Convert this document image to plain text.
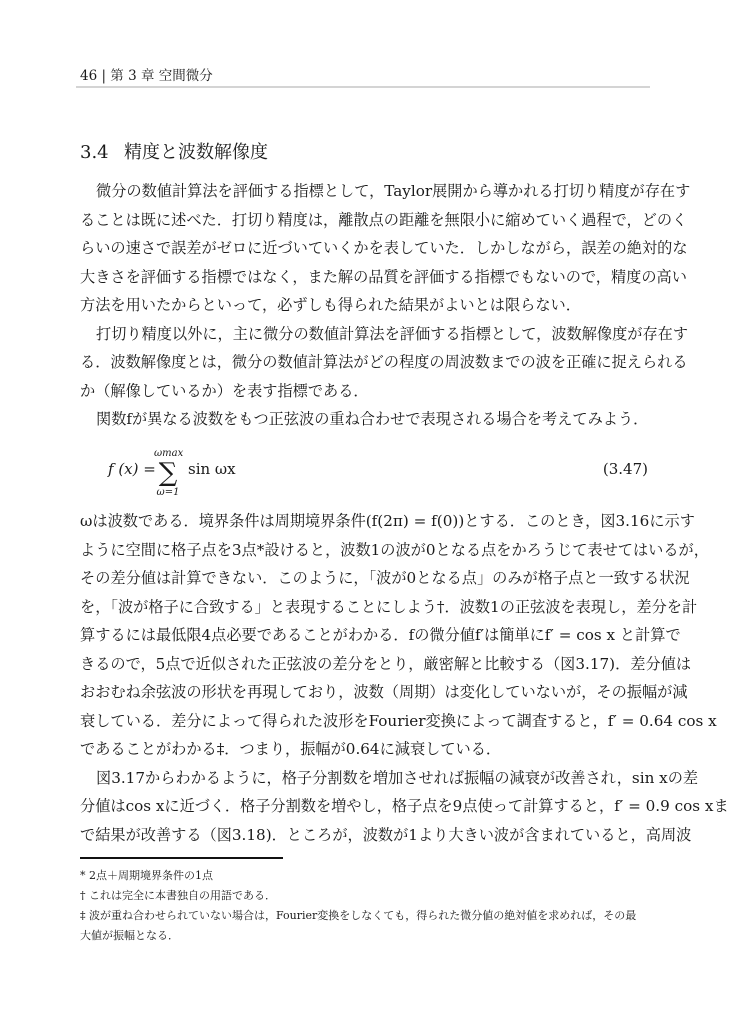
46 | 第 3 章 空間微分
3.4 精度と波数解像度
微分の数値計算法を評価する指標として，Taylor展開から導かれる打切り精度が存在す
ることは既に述べた．打切り精度は，離散点の距離を無限小に縮めていく過程で，どのく
らいの速さで誤差がゼロに近づいていくかを表していた．しかしながら，誤差の絶対的な
大きさを評価する指標ではなく，また解の品質を評価する指標でもないので，精度の高い
方法を用いたからといって，必ずしも得られた結果がよいとは限らない．
打切り精度以外に，主に微分の数値計算法を評価する指標として，波数解像度が存在す
る．波数解像度とは，微分の数値計算法がどの程度の周波数までの波を正確に捉えられる
か（解像しているか）を表す指標である．
関数fが異なる波数をもつ正弦波の重ね合わせで表現される場合を考えてみよう．
f (x) =
ωmax
∑
ω=1
sin ωx	(3.47)
ωは波数である．境界条件は周期境界条件(f(2π) = f(0))とする．このとき，図3.16に示す
ように空間に格子点を3点*設けると，波数1の波が0となる点をかろうじて表せてはいるが，
その差分値は計算できない．このように，「波が0となる点」のみが格子点と一致する状況
を，「波が格子に合致する」と表現することにしよう†．波数1の正弦波を表現し，差分を計
算するには最低限4点必要であることがわかる．fの微分値f′は簡単にf′ = cos x と計算で
きるので，5点で近似された正弦波の差分をとり，厳密解と比較する（図3.17)．差分値は
おおむね余弦波の形状を再現しており，波数（周期）は変化していないが，その振幅が減
衰している．差分によって得られた波形をFourier変換によって調査すると，f′ = 0.64 cos x
であることがわかる‡．つまり，振幅が0.64に減衰している．
図3.17からわかるように，格子分割数を増加させれば振幅の減衰が改善され，sin xの差
分値はcos xに近づく．格子分割数を増やし，格子点を9点使って計算すると，f′ = 0.9 cos xま
で結果が改善する（図3.18)．ところが，波数が1より大きい波が含まれていると，高周波
* 2点＋周期境界条件の1点
† これは完全に本書独自の用語である．
‡ 波が重ね合わせられていない場合は，Fourier変換をしなくても，得られた微分値の絶対値を求めれば，その最
大値が振幅となる．
